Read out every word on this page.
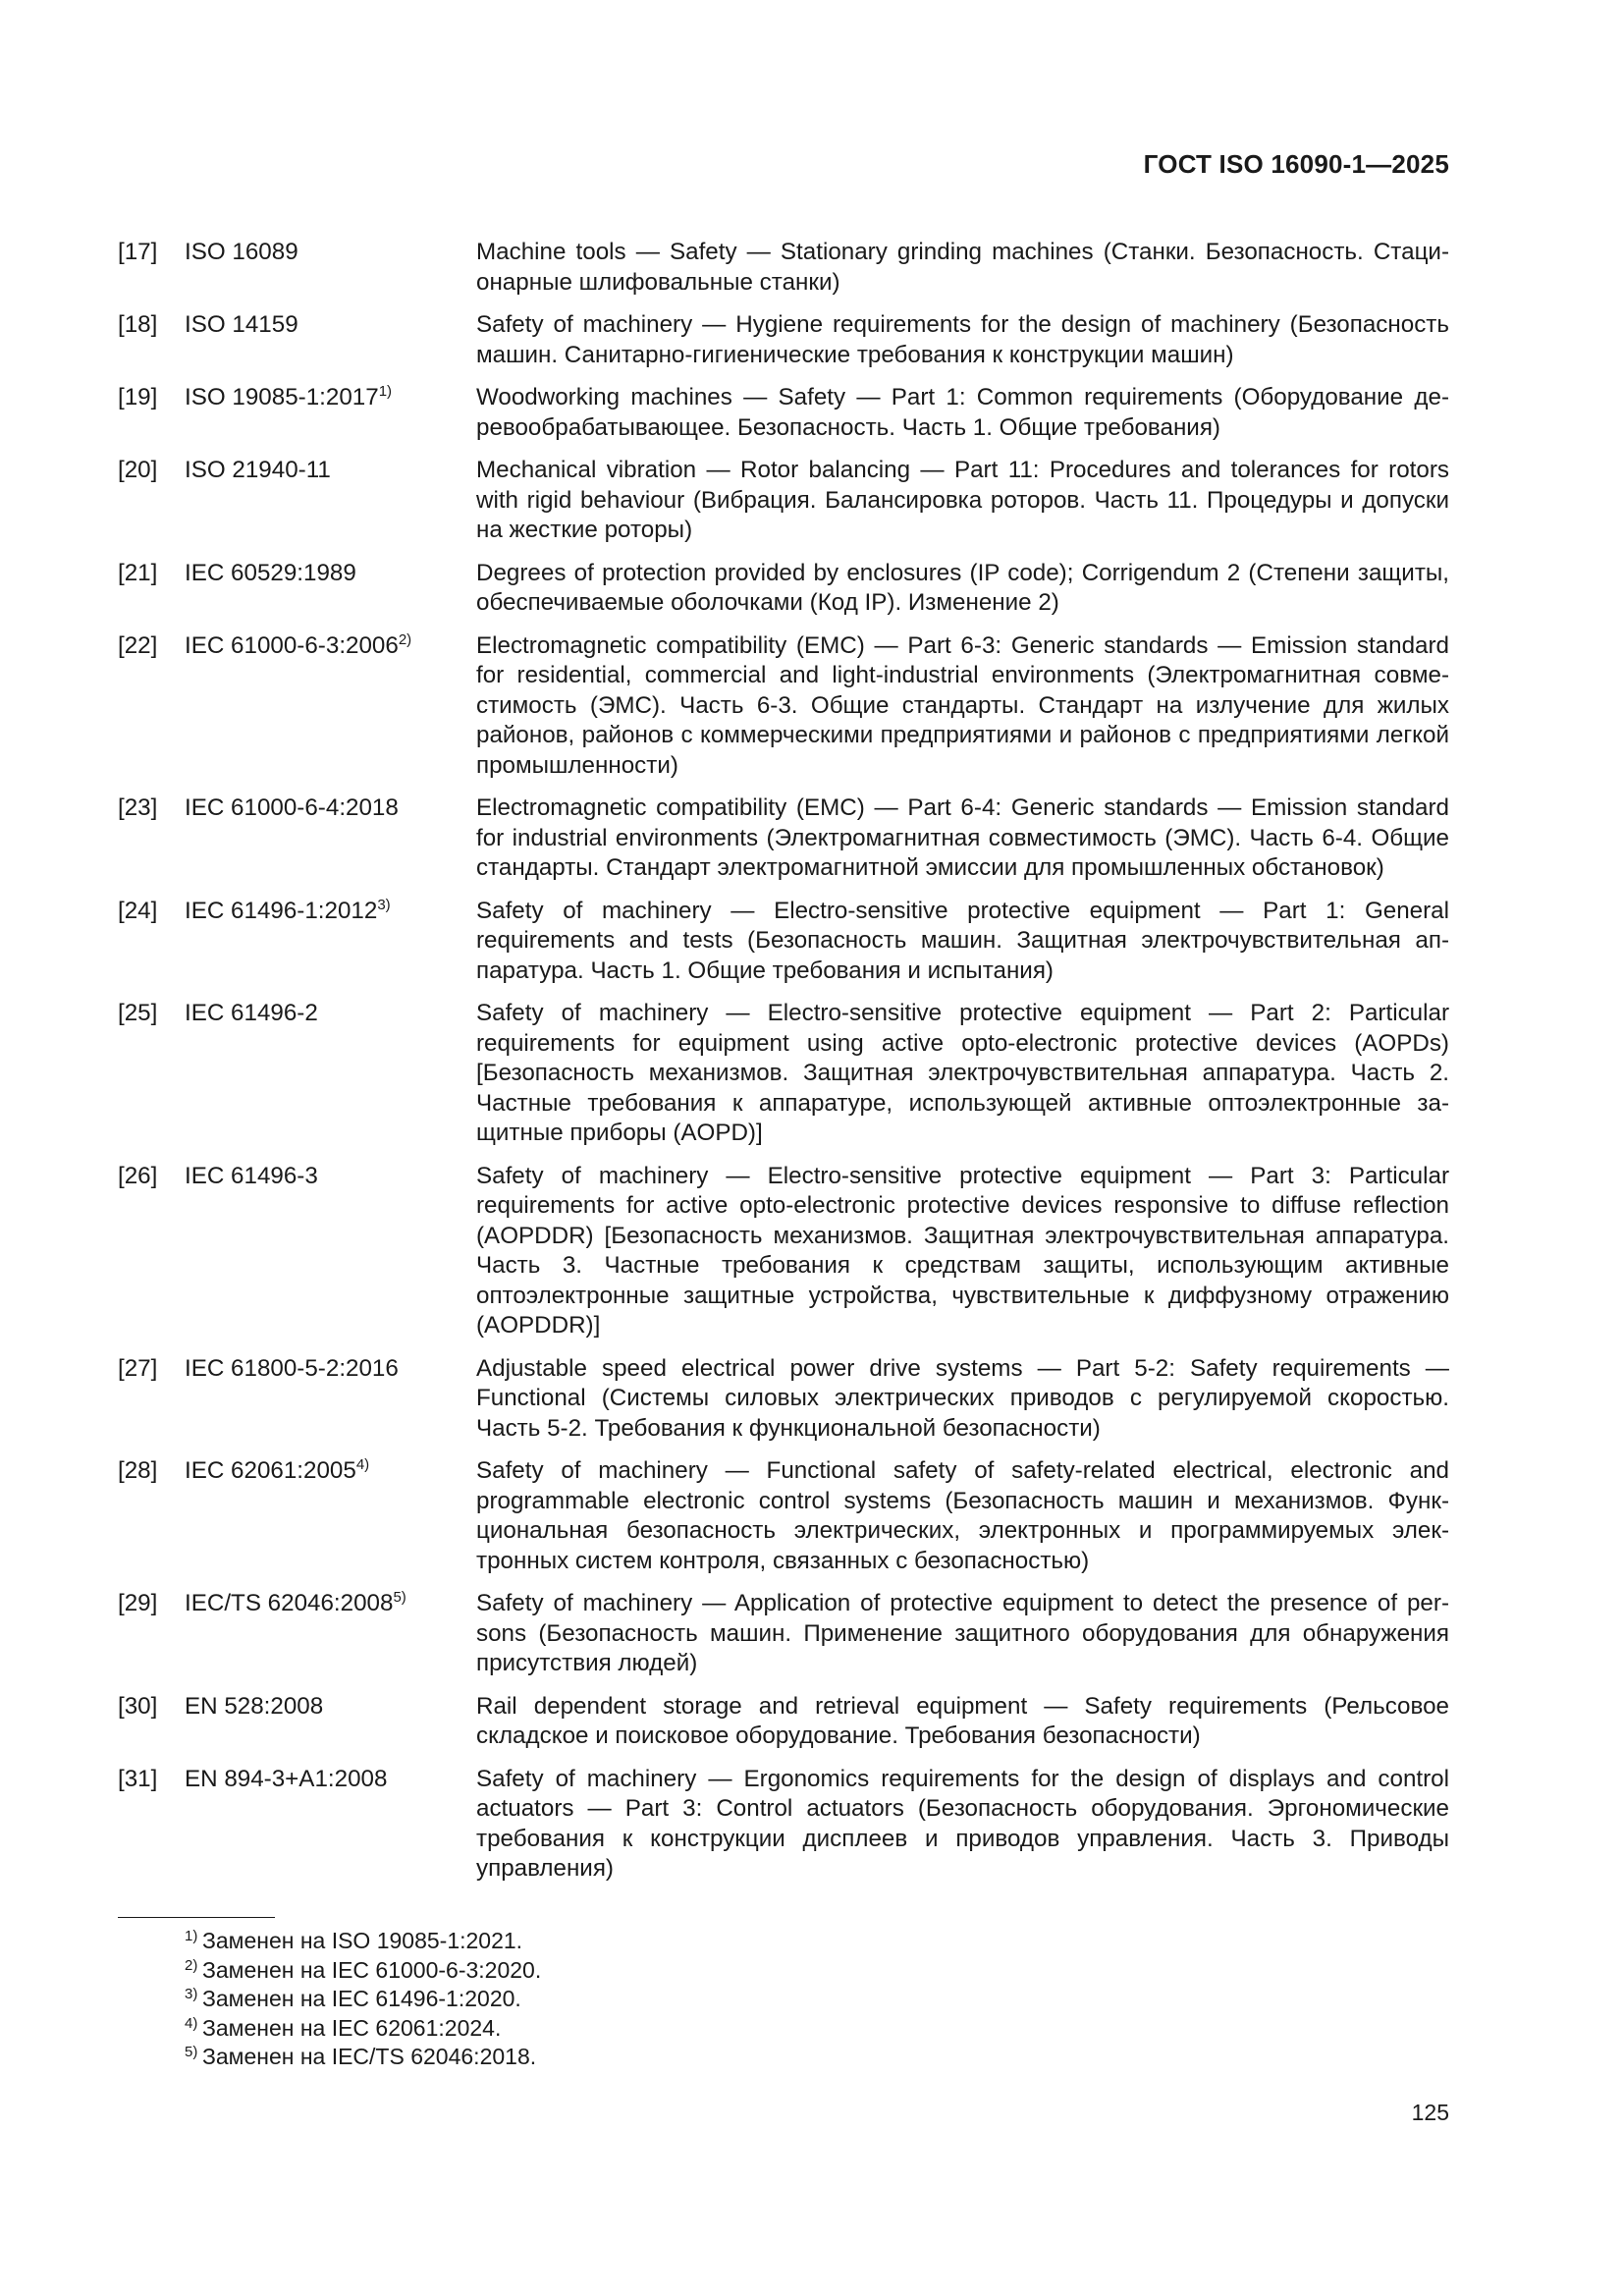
ГОСТ ISO 16090-1—2025
[17]	ISO 16089	Machine tools — Safety — Stationary grinding machines (Станки. Безопасность. Стационарные шлифовальные станки)
[18]	ISO 14159	Safety of machinery — Hygiene requirements for the design of machinery (Безопасность машин. Санитарно-гигиенические требования к конструкции машин)
[19]	ISO 19085-1:2017$^{1)}$	Woodworking machines — Safety — Part 1: Common requirements (Оборудование деревообрабатывающее. Безопасность. Часть 1. Общие требования)
[20]	ISO 21940-11	Mechanical vibration — Rotor balancing — Part 11: Procedures and tolerances for rotors with rigid behaviour (Вибрация. Балансировка роторов. Часть 11. Процедуры и допуски на жесткие роторы)
[21]	IEC 60529:1989	Degrees of protection provided by enclosures (IP code); Corrigendum 2 (Степени защиты, обеспечиваемые оболочками (Код IP). Изменение 2)
[22]	IEC 61000-6-3:2006$^{2)}$	Electromagnetic compatibility (EMC) — Part 6-3: Generic standards — Emission standard for residential, commercial and light-industrial environments (Электромагнитная совместимость (ЭМС). Часть 6-3. Общие стандарты. Стандарт на излучение для жилых районов, районов с коммерческими предприятиями и районов с предприятиями легкой промышленности)
[23]	IEC 61000-6-4:2018	Electromagnetic compatibility (EMC) — Part 6-4: Generic standards — Emission standard for industrial environments (Электромагнитная совместимость (ЭМС). Часть 6-4. Общие стандарты. Стандарт электромагнитной эмиссии для промышленных обстановок)
[24]	IEC 61496-1:2012$^{3)}$	Safety of machinery — Electro-sensitive protective equipment — Part 1: General requirements and tests (Безопасность машин. Защитная электрочувствительная аппаратура. Часть 1. Общие требования и испытания)
[25]	IEC 61496-2	Safety of machinery — Electro-sensitive protective equipment — Part 2: Particular requirements for equipment using active opto-electronic protective devices (AOPDs) [Безопасность механизмов. Защитная электрочувствительная аппаратура. Часть 2. Частные требования к аппаратуре, использующей активные оптоэлектронные защитные приборы (AOPD)]
[26]	IEC 61496-3	Safety of machinery — Electro-sensitive protective equipment — Part 3: Particular requirements for active opto-electronic protective devices responsive to diffuse reflection (AOPDDR) [Безопасность механизмов. Защитная электрочувствительная аппаратура. Часть 3. Частные требования к средствам защиты, использующим активные оптоэлектронные защитные устройства, чувствительные к диффузному отражению (AOPDDR)]
[27]	IEC 61800-5-2:2016	Adjustable speed electrical power drive systems — Part 5-2: Safety requirements — Functional (Системы силовых электрических приводов с регулируемой скоростью. Часть 5-2. Требования к функциональной безопасности)
[28]	IEC 62061:2005$^{4)}$	Safety of machinery — Functional safety of safety-related electrical, electronic and programmable electronic control systems (Безопасность машин и механизмов. Функциональная безопасность электрических, электронных и программируемых электронных систем контроля, связанных с безопасностью)
[29]	IEC/TS 62046:2008$^{5)}$	Safety of machinery — Application of protective equipment to detect the presence of persons (Безопасность машин. Применение защитного оборудования для обнаружения присутствия людей)
[30]	EN 528:2008	Rail dependent storage and retrieval equipment — Safety requirements (Рельсовое складское и поисковое оборудование. Требования безопасности)
[31]	EN 894-3+A1:2008	Safety of machinery — Ergonomics requirements for the design of displays and control actuators — Part 3: Control actuators (Безопасность оборудования. Эргономические требования к конструкции дисплеев и приводов управления. Часть 3. Приводы управления)
$^{1)}$ Заменен на ISO 19085-1:2021.
$^{2)}$ Заменен на IEC 61000-6-3:2020.
$^{3)}$ Заменен на IEC 61496-1:2020.
$^{4)}$ Заменен на IEC 62061:2024.
$^{5)}$ Заменен на IEC/TS 62046:2018.
125
